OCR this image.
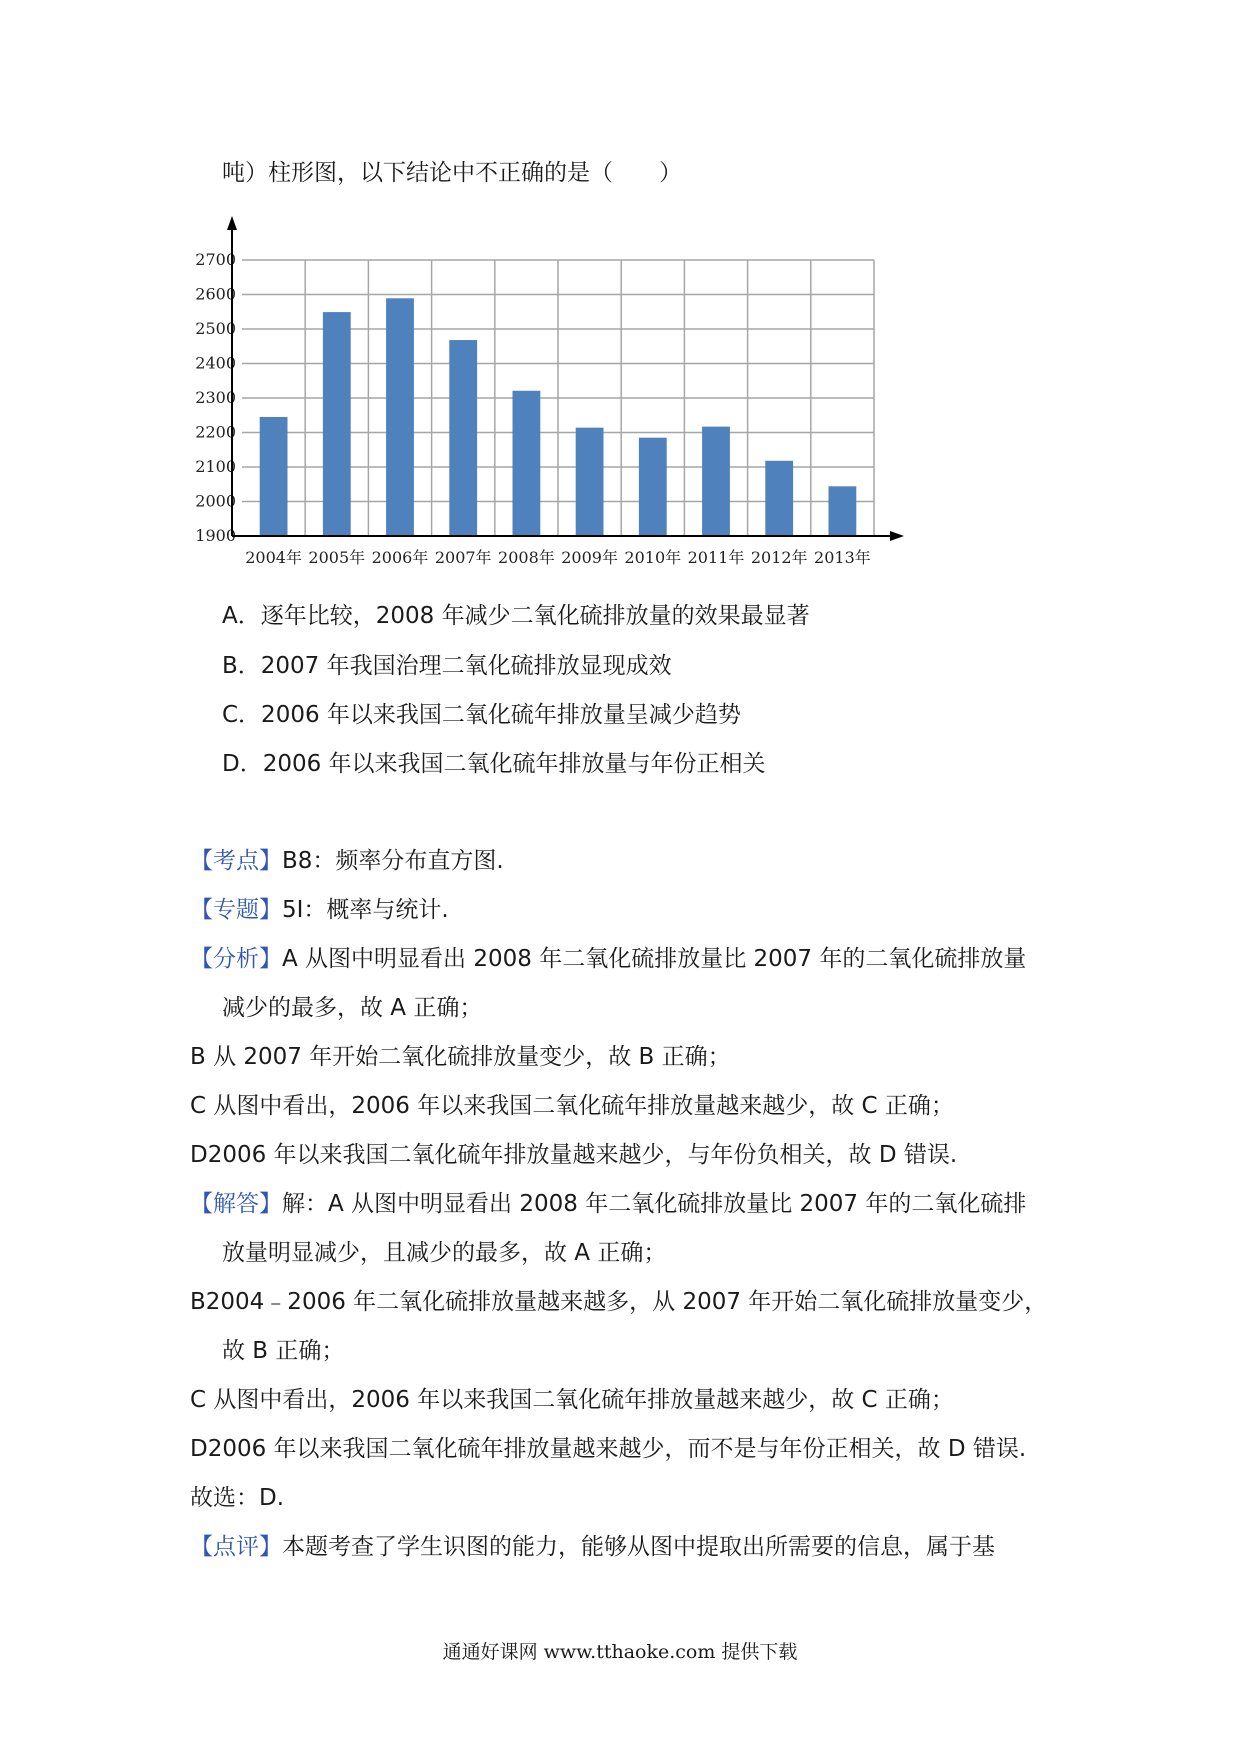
吨）柱形图，以下结论中不正确的是（　　）
1900
2000
2100
2200
2300
2400
2500
2600
2700
2004年 2005年 2006年 2007年 2008年 2009年 2010年 2011年 2012年 2013年
A．逐年比较，2008 年减少二氧化硫排放量的效果最显著
B．2007 年我国治理二氧化硫排放显现成效
C．2006 年以来我国二氧化硫年排放量呈减少趋势
D．2006 年以来我国二氧化硫年排放量与年份正相关
【考点】B8：频率分布直方图.
【专题】5I：概率与统计.
【分析】A 从图中明显看出 2008 年二氧化硫排放量比 2007 年的二氧化硫排放量
减少的最多，故 A 正确；
B 从 2007 年开始二氧化硫排放量变少，故 B 正确；
C 从图中看出，2006 年以来我国二氧化硫年排放量越来越少，故 C 正确；
D2006 年以来我国二氧化硫年排放量越来越少，与年份负相关，故 D 错误.
【解答】解：A 从图中明显看出 2008 年二氧化硫排放量比 2007 年的二氧化硫排
放量明显减少，且减少的最多，故 A 正确；
B2004﹣2006 年二氧化硫排放量越来越多，从 2007 年开始二氧化硫排放量变少，
故 B 正确；
C 从图中看出，2006 年以来我国二氧化硫年排放量越来越少，故 C 正确；
D2006 年以来我国二氧化硫年排放量越来越少，而不是与年份正相关，故 D 错误.
故选：D.
【点评】本题考查了学生识图的能力，能够从图中提取出所需要的信息，属于基
通通好课网 www.tthaoke.com 提供下载
